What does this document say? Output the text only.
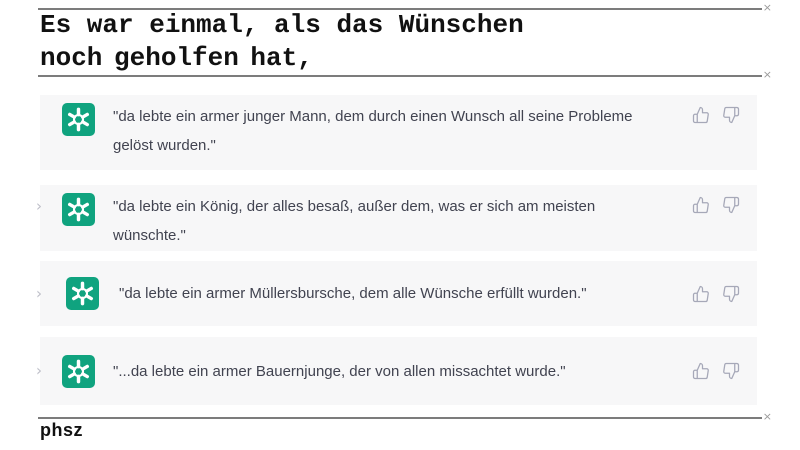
×
Es war einmal, als das Wünschen
noch geholfen hat,
×
"da lebte ein armer junger Mann, dem durch einen Wunsch all seine Probleme
gelöst wurden."
›	"da lebte ein König, der alles besaß, außer dem, was er sich am meisten
wünschte."
›	"da lebte ein armer Müllersbursche, dem alle Wünsche erfüllt wurden."
›	"...da lebte ein armer Bauernjunge, der von allen missachtet wurde."
×
phsz
